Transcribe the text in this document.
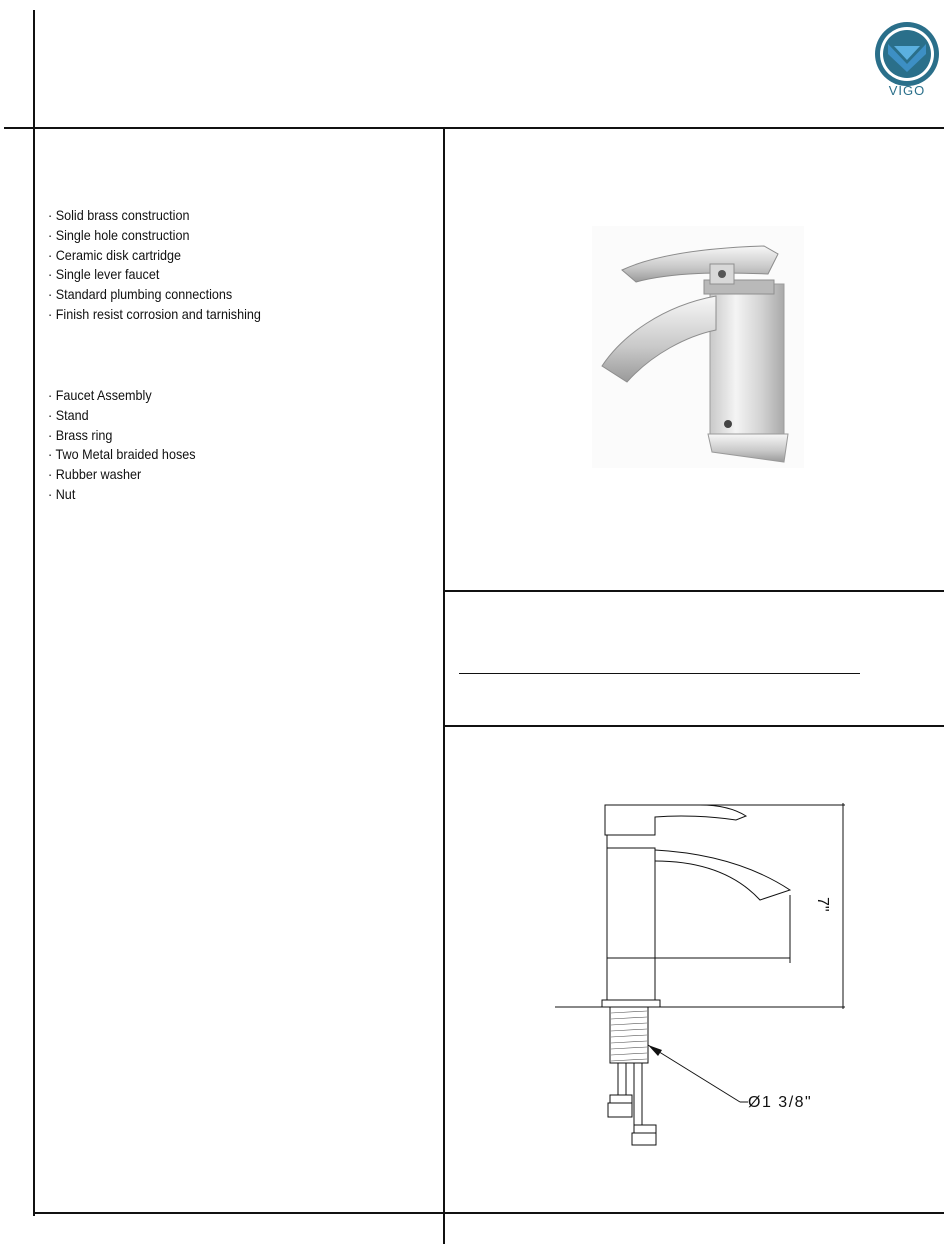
VIGO
· Solid brass construction
· Single hole construction
· Ceramic disk cartridge
· Single lever faucet
· Standard plumbing connections
· Finish resist corrosion and tarnishing
· Faucet Assembly
· Stand
· Brass ring
· Two Metal braided hoses
· Rubber washer
· Nut
7"
Ø1 3/8"
